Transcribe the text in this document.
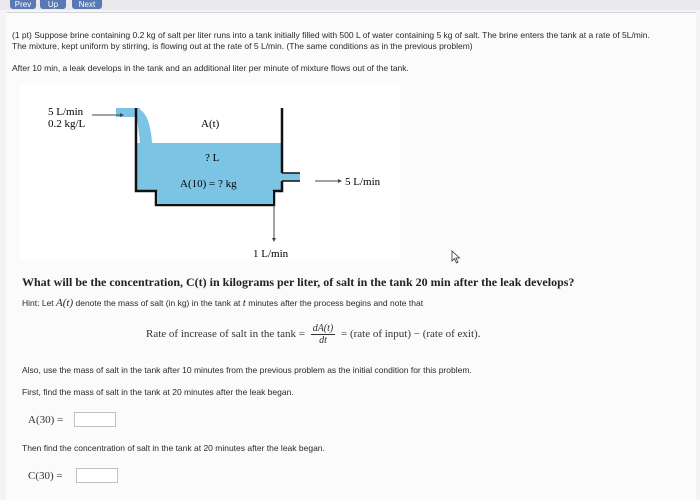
Prev	Up	Next
(1 pt) Suppose brine containing 0.2 kg of salt per liter runs into a tank initially filled with 500 L of water containing 5 kg of salt. The brine enters the tank at a rate of 5L/min.
The mixture, kept uniform by stirring, is flowing out at the rate of 5 L/min. (The same conditions as in the previous problem)
After 10 min, a leak develops in the tank and an additional liter per minute of mixture flows out of the tank.
5 L/min
0.2 kg/L	A(t)
? L
A(10) = ? kg	5 L/min
1 L/min
What will be the concentration, C(t) in kilograms per liter, of salt in the tank 20 min after the leak develops?
Hint: Let A(t) denote the mass of salt (in kg) in the tank at t minutes after the process begins and note that
Rate of increase of salt in the $\tan k = \frac{dA(t)}{dt}$ = (rate of input) − (rate of exit).
Also, use the mass of salt in the tank after 10 minutes from the previous problem as the initial condition for this problem.
First, find the mass of salt in the tank at 20 minutes after the leak began.
A(30) =
Then find the concentration of salt in the tank at 20 minutes after the leak began.
C(30) =
